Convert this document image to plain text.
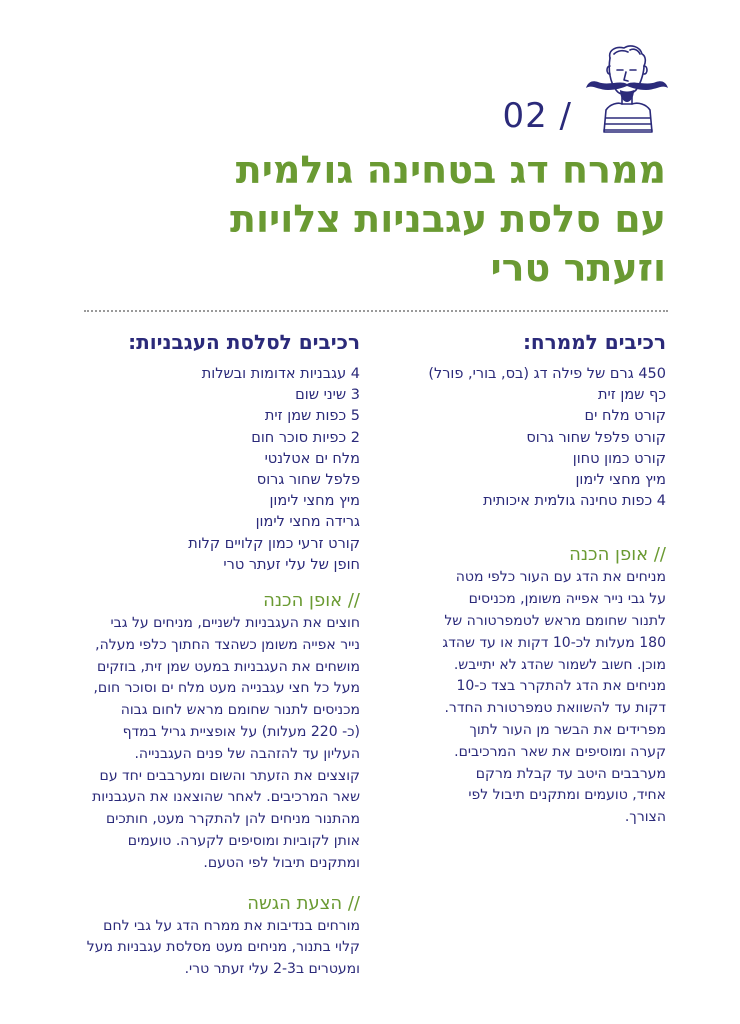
02 /
ממרח דג בטחינה גולמית
עם סלסת עגבניות צלויות
וזעתר טרי
רכיבים לממרח:
450 גרם של פילה דג (בס, בורי, פורל)
כף שמן זית
קורט מלח ים
קורט פלפל שחור גרוס
קורט כמון טחון
מיץ מחצי לימון
4 כפות טחינה גולמית איכותית
// אופן הכנה
מניחים את הדג עם העור כלפי מטה
על גבי נייר אפייה משומן, מכניסים
לתנור שחומם מראש לטמפרטורה של
180 מעלות לכ-10 דקות או עד שהדג
מוכן. חשוב לשמור שהדג לא יתייבש.
מניחים את הדג להתקרר בצד כ-10
דקות עד להשוואת טמפרטורת החדר.
מפרידים את הבשר מן העור לתוך
קערה ומוסיפים את שאר המרכיבים.
מערבבים היטב עד קבלת מרקם
אחיד, טועמים ומתקנים תיבול לפי
הצורך.
רכיבים לסלסת העגבניות:
4 עגבניות אדומות ובשלות
3 שיני שום
5 כפות שמן זית
2 כפיות סוכר חום
מלח ים אטלנטי
פלפל שחור גרוס
מיץ מחצי לימון
גרידה מחצי לימון
קורט זרעי כמון קלויים קלות
חופן של עלי זעתר טרי
// אופן הכנה
חוצים את העגבניות לשניים, מניחים על גבי
נייר אפייה משומן כשהצד החתוך כלפי מעלה,
מושחים את העגבניות במעט שמן זית, בוזקים
מעל כל חצי עגבנייה מעט מלח ים וסוכר חום,
מכניסים לתנור שחומם מראש לחום גבוה
(כ- 220 מעלות) על אופציית גריל במדף
העליון עד להזהבה של פנים העגבנייה.
קוצצים את הזעתר והשום ומערבבים יחד עם
שאר המרכיבים. לאחר שהוצאנו את העגבניות
מהתנור מניחים להן להתקרר מעט, חותכים
אותן לקוביות ומוסיפים לקערה. טועמים
ומתקנים תיבול לפי הטעם.
// הצעת הגשה
מורחים בנדיבות את ממרח הדג על גבי לחם
קלוי בתנור, מניחים מעט מסלסת עגבניות מעל
ומעטרים ב2-3 עלי זעתר טרי.
